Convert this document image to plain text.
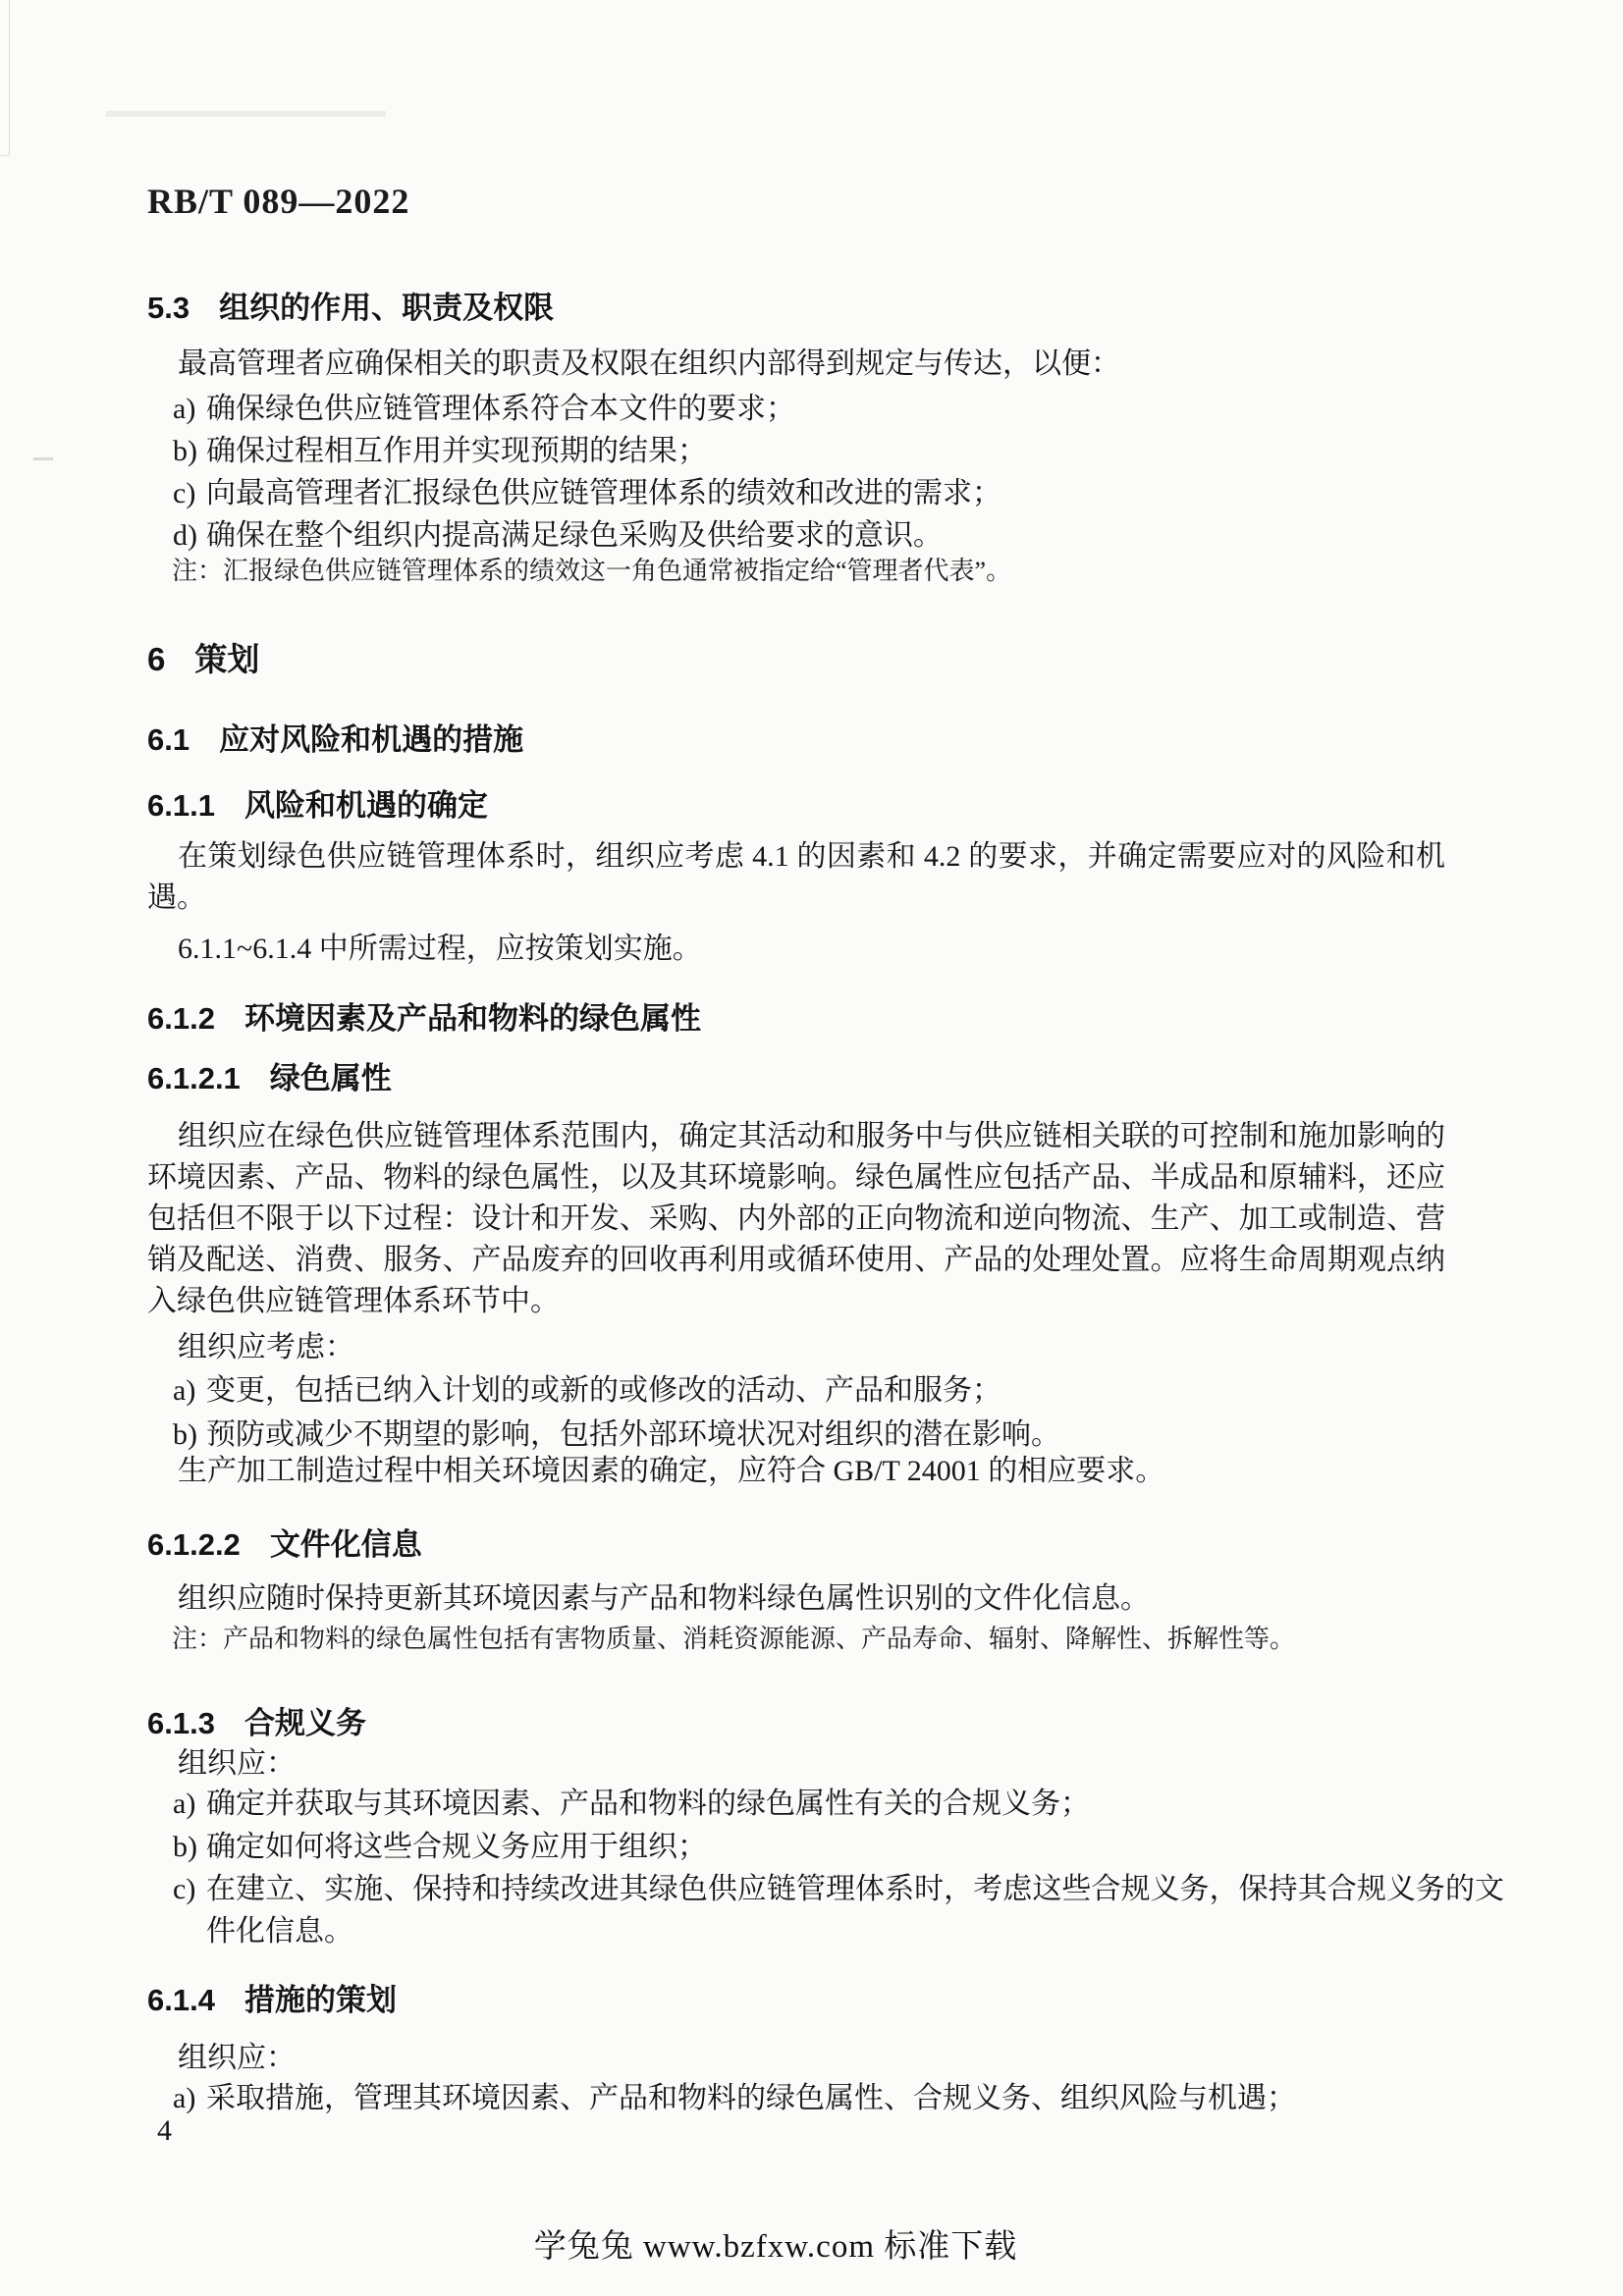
RB/T 089—2022
5.3 组织的作用、职责及权限

最高管理者应确保相关的职责及权限在组织内部得到规定与传达，以便：

a) 确保绿色供应链管理体系符合本文件的要求；
b) 确保过程相互作用并实现预期的结果；
c) 向最高管理者汇报绿色供应链管理体系的绩效和改进的需求；
d) 确保在整个组织内提高满足绿色采购及供给要求的意识。
注：汇报绿色供应链管理体系的绩效这一角色通常被指定给“管理者代表”。
6 策划
6.1 应对风险和机遇的措施
6.1.1 风险和机遇的确定

在策划绿色供应链管理体系时，组织应考虑 4.1 的因素和 4.2 的要求，并确定需要应对的风险和机遇。

6.1.1~6.1.4 中所需过程，应按策划实施。

6.1.2 环境因素及产品和物料的绿色属性
6.1.2.1 绿色属性

组织应在绿色供应链管理体系范围内，确定其活动和服务中与供应链相关联的可控制和施加影响的环境因素、产品、物料的绿色属性，以及其环境影响。绿色属性应包括产品、半成品和原辅料，还应包括但不限于以下过程：设计和开发、采购、内外部的正向物流和逆向物流、生产、加工或制造、营销及配送、消费、服务、产品废弃的回收再利用或循环使用、产品的处理处置。应将生命周期观点纳入绿色供应链管理体系环节中。

组织应考虑：

a) 变更，包括已纳入计划的或新的或修改的活动、产品和服务；
b) 预防或减少不期望的影响，包括外部环境状况对组织的潜在影响。

生产加工制造过程中相关环境因素的确定，应符合 GB/T 24001 的相应要求。

6.1.2.2 文件化信息

组织应随时保持更新其环境因素与产品和物料绿色属性识别的文件化信息。

注：产品和物料的绿色属性包括有害物质量、消耗资源能源、产品寿命、辐射、降解性、拆解性等。
6.1.3 合规义务

组织应：

a) 确定并获取与其环境因素、产品和物料的绿色属性有关的合规义务；
b) 确定如何将这些合规义务应用于组织；
c) 在建立、实施、保持和持续改进其绿色供应链管理体系时，考虑这些合规义务，保持其合规义务的文件化信息。
6.1.4 措施的策划

组织应：

a) 采取措施，管理其环境因素、产品和物料的绿色属性、合规义务、组织风险与机遇；
4
学兔兔 www.bzfxw.com 标准下载
